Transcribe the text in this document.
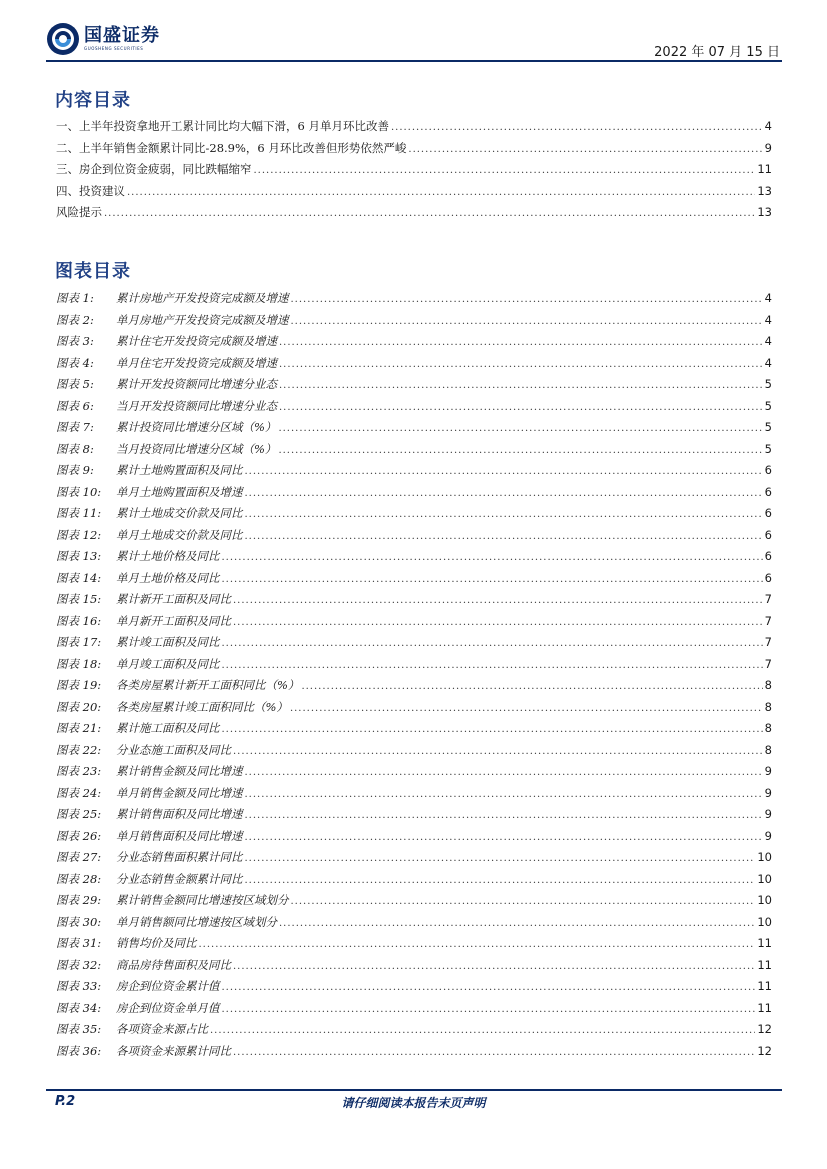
国盛证券
GUOSHENG SECURITIES	2022 年 07 月 15 日
内容目录
一、上半年投资拿地开工累计同比均大幅下滑，6 月单月环比改善 .....	4
二、上半年销售金额累计同比-28.9%，6 月环比改善但形势依然严峻 .....	9
三、房企到位资金疲弱，同比跌幅缩窄 .....	11
四、投资建议 .....	13
风险提示 .....	13
图表目录
图表 1: 累计房地产开发投资完成额及增速 .....	4
图表 2: 单月房地产开发投资完成额及增速 .....	4
图表 3: 累计住宅开发投资完成额及增速 .....	4
图表 4: 单月住宅开发投资完成额及增速 .....	4
图表 5: 累计开发投资额同比增速分业态 .....	5
图表 6: 当月开发投资额同比增速分业态 .....	5
图表 7: 累计投资同比增速分区域（%） .....	5
图表 8: 当月投资同比增速分区域（%） .....	5
图表 9: 累计土地购置面积及同比 .....	6
图表 10: 单月土地购置面积及增速 .....	6
图表 11: 累计土地成交价款及同比 .....	6
图表 12: 单月土地成交价款及同比 .....	6
图表 13: 累计土地价格及同比 .....	6
图表 14: 单月土地价格及同比 .....	6
图表 15: 累计新开工面积及同比 .....	7
图表 16: 单月新开工面积及同比 .....	7
图表 17: 累计竣工面积及同比 .....	7
图表 18: 单月竣工面积及同比 .....	7
图表 19: 各类房屋累计新开工面积同比（%） .....	8
图表 20: 各类房屋累计竣工面积同比（%） .....	8
图表 21: 累计施工面积及同比 .....	8
图表 22: 分业态施工面积及同比 .....	8
图表 23: 累计销售金额及同比增速 .....	9
图表 24: 单月销售金额及同比增速 .....	9
图表 25: 累计销售面积及同比增速 .....	9
图表 26: 单月销售面积及同比增速 .....	9
图表 27: 分业态销售面积累计同比 .....	10
图表 28: 分业态销售金额累计同比 .....	10
图表 29: 累计销售金额同比增速按区域划分 .....	10
图表 30: 单月销售额同比增速按区域划分 .....	10
图表 31: 销售均价及同比 .....	11
图表 32: 商品房待售面积及同比 .....	11
图表 33: 房企到位资金累计值 .....	11
图表 34: 房企到位资金单月值 .....	11
图表 35: 各项资金来源占比 .....	12
图表 36: 各项资金来源累计同比 .....	12
P.2	请仔细阅读本报告末页声明
